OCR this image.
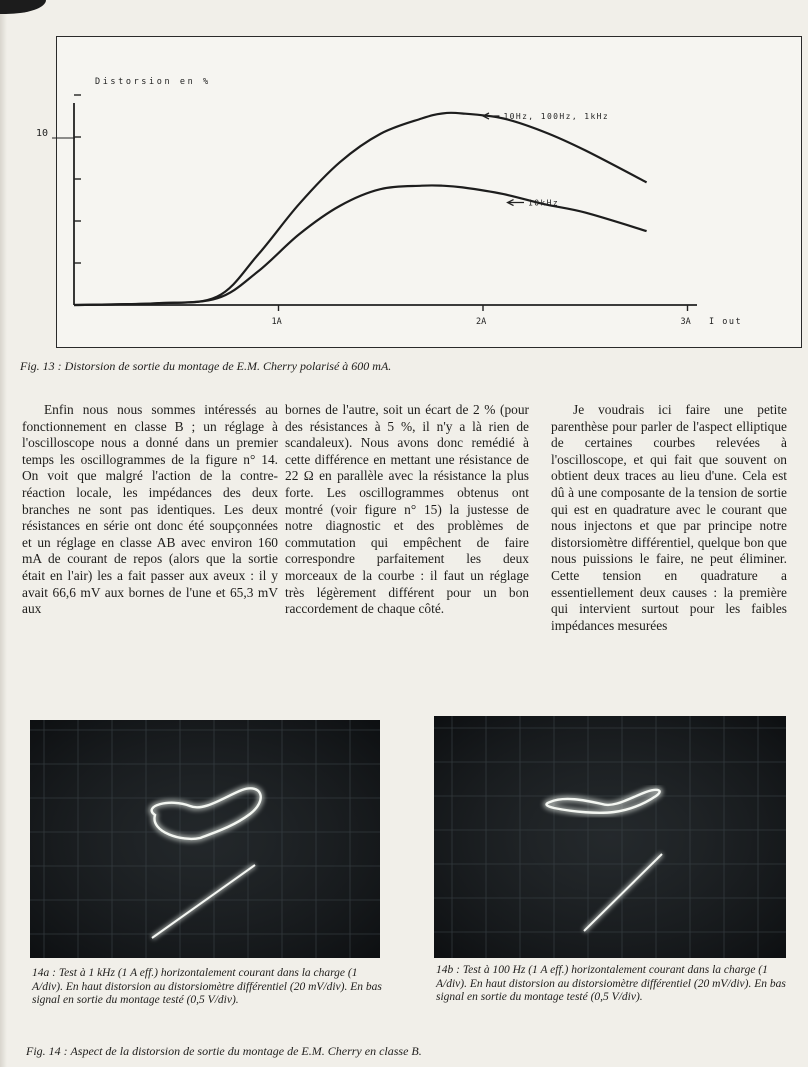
10
1A	2A	3A
Distorsion en %
I out
10Hz, 100Hz, 1kHz
10kHz

Fig. 13 : Distorsion de sortie du montage de E.M. Cherry polarisé à 600 mA.

Enfin nous nous sommes intéressés au fonctionnement en classe B ; un réglage à l'oscilloscope nous a donné dans un premier temps les oscillogrammes de la figure n° 14. On voit que malgré l'action de la contre-réaction locale, les impédances des deux branches ne sont pas identiques. Les deux résistances en série ont donc été soupçonnées et un réglage en classe AB avec environ 160 mA de courant de repos (alors que la sortie était en l'air) les a fait passer aux aveux : il y avait 66,6 mV aux bornes de l'une et 65,3 mV aux

bornes de l'autre, soit un écart de 2 % (pour des résistances à 5 %, il n'y a là rien de scandaleux). Nous avons donc remédié à cette différence en mettant une résistance de 22 Ω en parallèle avec la résistance la plus forte. Les oscillogrammes obtenus ont montré (voir figure n° 15) la justesse de notre diagnostic et des problèmes de commutation qui empêchent de faire correspondre parfaitement les deux morceaux de la courbe : il faut un réglage très légèrement différent pour un bon raccordement de chaque côté.

Je voudrais ici faire une petite parenthèse pour parler de l'aspect elliptique de certaines courbes relevées à l'oscilloscope, et qui fait que souvent on obtient deux traces au lieu d'une. Cela est dû à une composante de la tension de sortie qui est en quadrature avec le courant que nous injectons et que par principe notre distorsiomètre différentiel, quelque bon que nous puissions le faire, ne peut éliminer. Cette tension en quadrature a essentiellement deux causes : la première qui intervient surtout pour les faibles impédances mesurées

14a : Test à 1 kHz (1 A eff.) horizontalement courant dans la charge (1 A/div). En haut distorsion au distorsiomètre différentiel (20 mV/div). En bas signal en sortie du montage testé (0,5 V/div).

14b : Test à 100 Hz (1 A eff.) horizontalement courant dans la charge (1 A/div). En haut distorsion au distorsiomètre différentiel (20 mV/div). En bas signal en sortie du montage testé (0,5 V/div).

Fig. 14 : Aspect de la distorsion de sortie du montage de E.M. Cherry en classe B.
